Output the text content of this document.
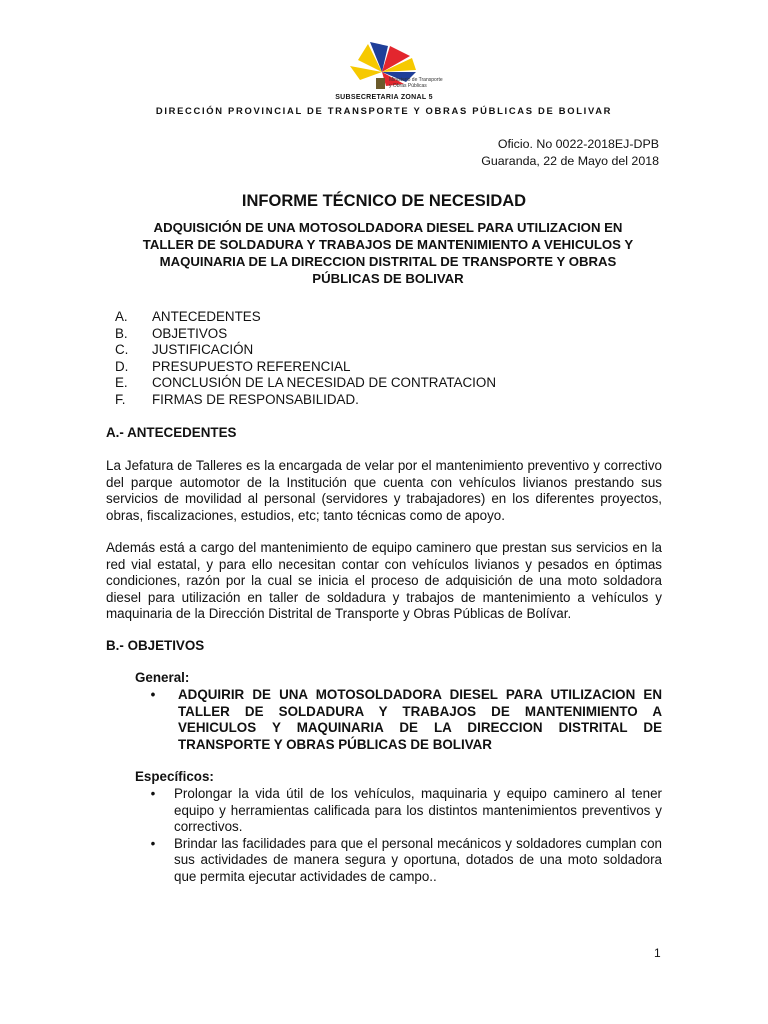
Ministerio de Transporte
y Obras Públicas
SUBSECRETARIA ZONAL 5
DIRECCIÓN PROVINCIAL DE TRANSPORTE Y OBRAS PÚBLICAS DE BOLIVAR
Oficio. No 0022-2018EJ-DPB
Guaranda, 22 de Mayo del 2018
INFORME TÉCNICO DE NECESIDAD
ADQUISICIÓN DE UNA MOTOSOLDADORA DIESEL PARA UTILIZACION EN
TALLER DE SOLDADURA Y TRABAJOS DE MANTENIMIENTO A VEHICULOS Y
MAQUINARIA DE LA DIRECCION DISTRITAL DE TRANSPORTE Y OBRAS
PÚBLICAS DE BOLIVAR
A.	ANTECEDENTES
B.	OBJETIVOS
C.	JUSTIFICACIÓN
D.	PRESUPUESTO REFERENCIAL
E.	CONCLUSIÓN DE LA NECESIDAD DE CONTRATACION
F.	FIRMAS DE RESPONSABILIDAD.
A.- ANTECEDENTES

La Jefatura de Talleres es la encargada de velar por el mantenimiento preventivo y correctivo del parque automotor de la Institución que cuenta con vehículos livianos prestando sus servicios de movilidad al personal (servidores y trabajadores) en los diferentes proyectos, obras, fiscalizaciones, estudios, etc; tanto técnicas como de apoyo.

Además está a cargo del mantenimiento de equipo caminero que prestan sus servicios en la red vial estatal, y para ello necesitan contar con vehículos livianos y pesados en óptimas condiciones, razón por la cual se inicia el proceso de adquisición de una moto soldadora diesel para utilización en taller de soldadura y trabajos de mantenimiento a vehículos y maquinaria de la Dirección Distrital de Transporte y Obras Públicas de Bolívar.

B.- OBJETIVOS
General:
• ADQUIRIR DE UNA MOTOSOLDADORA DIESEL PARA UTILIZACION EN TALLER DE SOLDADURA Y TRABAJOS DE MANTENIMIENTO A VEHICULOS Y MAQUINARIA DE LA DIRECCION DISTRITAL DE TRANSPORTE Y OBRAS PÚBLICAS DE BOLIVAR
Específicos:
• Prolongar la vida útil de los vehículos, maquinaria y equipo caminero al tener equipo y herramientas calificada para los distintos mantenimientos preventivos y correctivos.
• Brindar las facilidades para que el personal mecánicos y soldadores cumplan con sus actividades de manera segura y oportuna, dotados de una moto soldadora que permita ejecutar actividades de campo..
1
